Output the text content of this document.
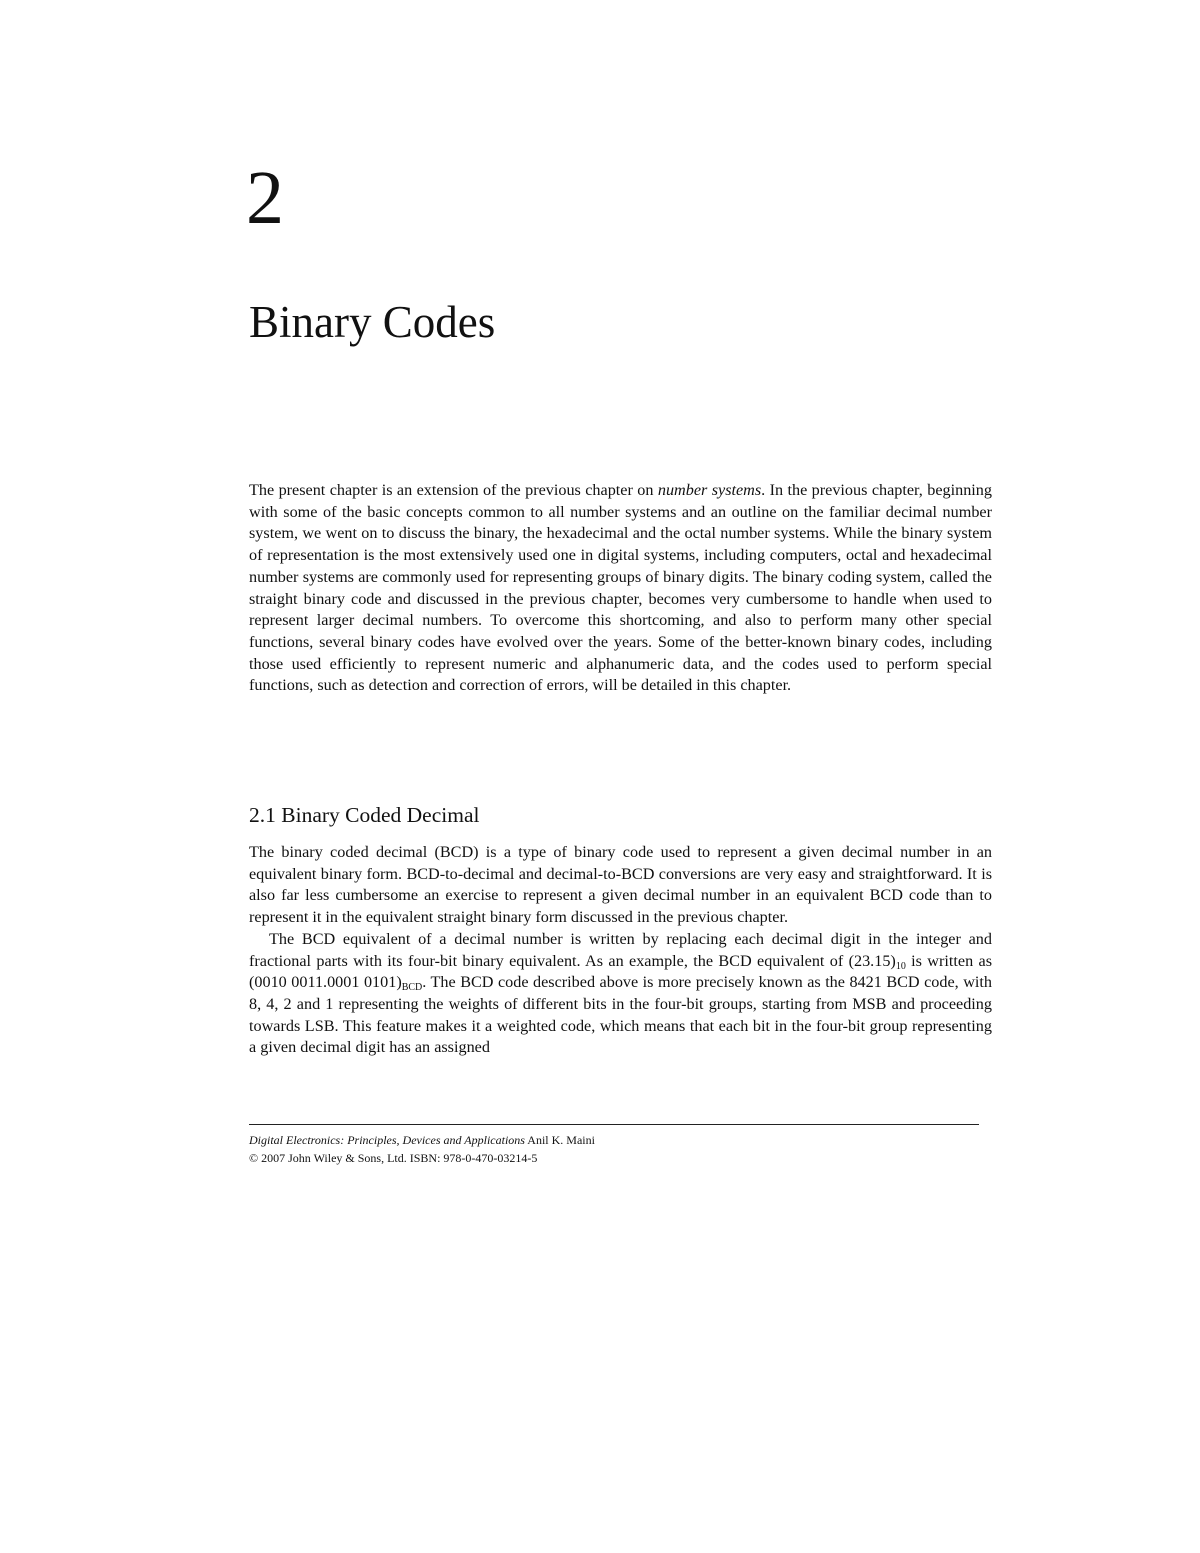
2
Binary Codes

The present chapter is an extension of the previous chapter on number systems. In the previous chapter, beginning with some of the basic concepts common to all number systems and an outline on the familiar decimal number system, we went on to discuss the binary, the hexadecimal and the octal number systems. While the binary system of representation is the most extensively used one in digital systems, including computers, octal and hexadecimal number systems are commonly used for representing groups of binary digits. The binary coding system, called the straight binary code and discussed in the previous chapter, becomes very cumbersome to handle when used to represent larger decimal numbers. To overcome this shortcoming, and also to perform many other special functions, several binary codes have evolved over the years. Some of the better-known binary codes, including those used efficiently to represent numeric and alphanumeric data, and the codes used to perform special functions, such as detection and correction of errors, will be detailed in this chapter.

2.1 Binary Coded Decimal

The binary coded decimal (BCD) is a type of binary code used to represent a given decimal number in an equivalent binary form. BCD-to-decimal and decimal-to-BCD conversions are very easy and straightforward. It is also far less cumbersome an exercise to represent a given decimal number in an equivalent BCD code than to represent it in the equivalent straight binary form discussed in the previous chapter.

The BCD equivalent of a decimal number is written by replacing each decimal digit in the integer and fractional parts with its four-bit binary equivalent. As an example, the BCD equivalent of $(23.15)_{10}$ is written as (0010 0011.0001 $0101)_{BCD}$. The BCD code described above is more precisely known as the 8421 BCD code, with 8, 4, 2 and 1 representing the weights of different bits in the four-bit groups, starting from MSB and proceeding towards LSB. This feature makes it a weighted code, which means that each bit in the four-bit group representing a given decimal digit has an assigned

Digital Electronics: Principles, Devices and Applications Anil K. Maini
© 2007 John Wiley & Sons, Ltd. ISBN: 978-0-470-03214-5
